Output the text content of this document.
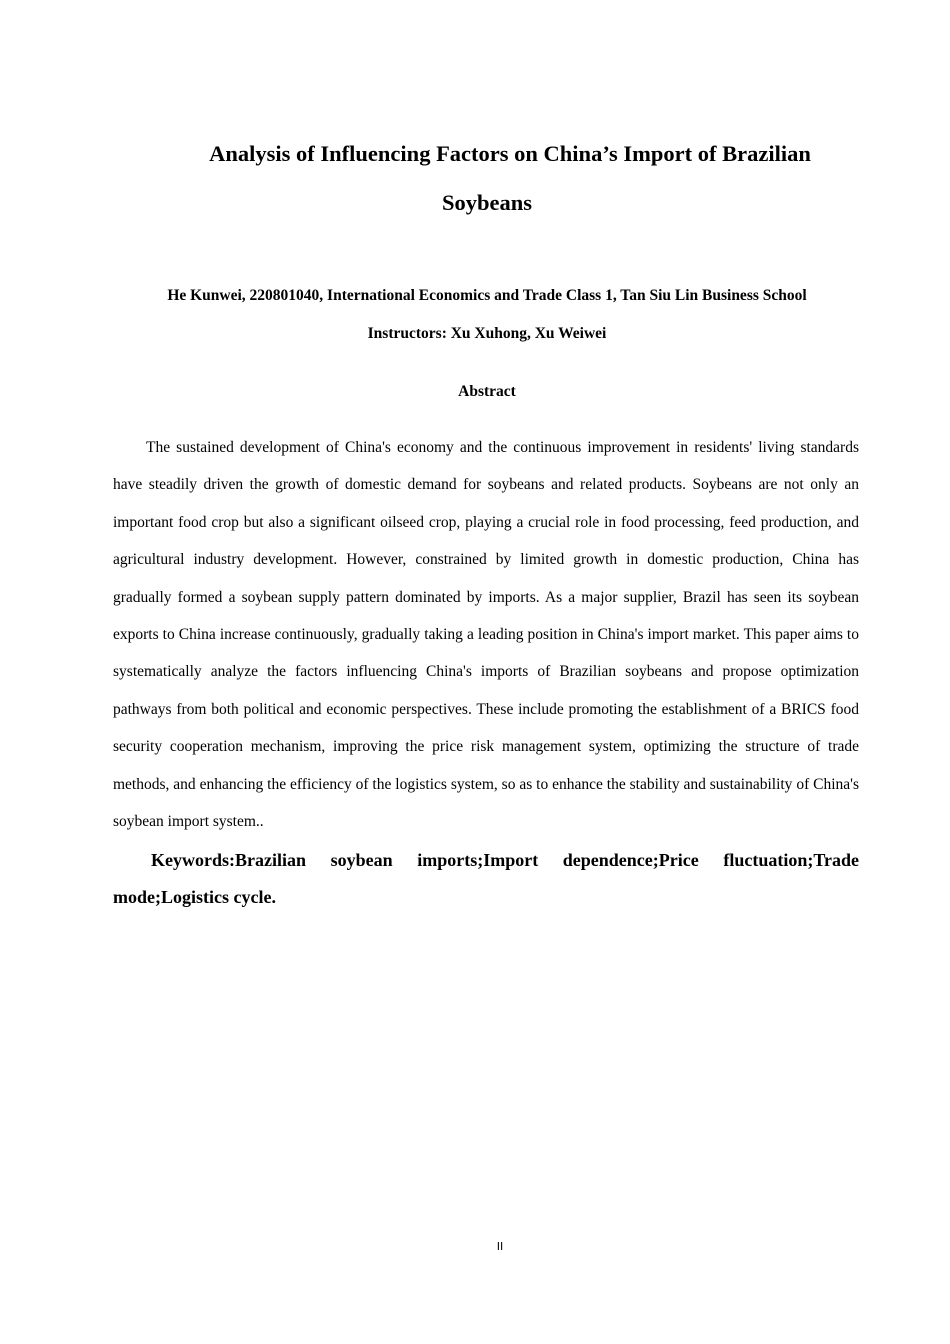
Analysis of Influencing Factors on China’s Import of Brazilian
Soybeans
He Kunwei, 220801040, International Economics and Trade Class 1, Tan Siu Lin Business School
Instructors: Xu Xuhong, Xu Weiwei
Abstract

The sustained development of China's economy and the continuous improvement in residents' living standards have steadily driven the growth of domestic demand for soybeans and related products. Soybeans are not only an important food crop but also a significant oilseed crop, playing a crucial role in food processing, feed production, and agricultural industry development. However, constrained by limited growth in domestic production, China has gradually formed a soybean supply pattern dominated by imports. As a major supplier, Brazil has seen its soybean exports to China increase continuously, gradually taking a leading position in China's import market. This paper aims to systematically analyze the factors influencing China's imports of Brazilian soybeans and propose optimization pathways from both political and economic perspectives. These include promoting the establishment of a BRICS food security cooperation mechanism, improving the price risk management system, optimizing the structure of trade methods, and enhancing the efficiency of the logistics system, so as to enhance the stability and sustainability of China's soybean import system..

Keywords:Brazilian soybean imports;Import dependence;Price fluctuation;Trade mode;Logistics cycle.

II
